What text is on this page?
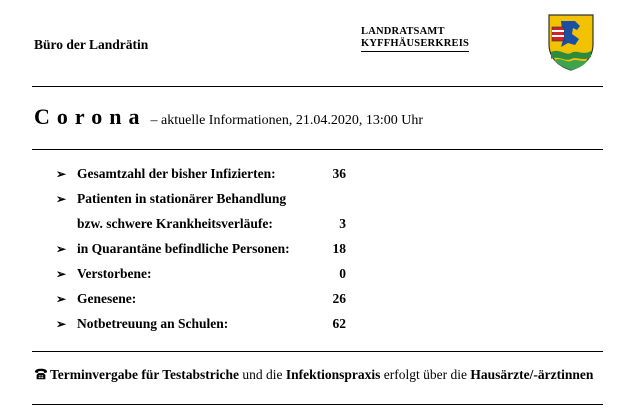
Büro der Landrätin
LANDRATSAMT
KYFFHÄUSERKREIS
Corona – aktuelle Informationen, 21.04.2020, 13:00 Uhr
➢ Gesamtzahl der bisher Infizierten:	36
➢ Patienten in stationärer Behandlung
bzw. schwere Krankheitsverläufe:	3
➢ in Quarantäne befindliche Personen:	18
➢ Verstorbene:	0
➢ Genesene:	26
➢ Notbetreuung an Schulen:	62
Terminvergabe für Testabstriche und die Infektionspraxis erfolgt über die Hausärzte/-ärztinnen
